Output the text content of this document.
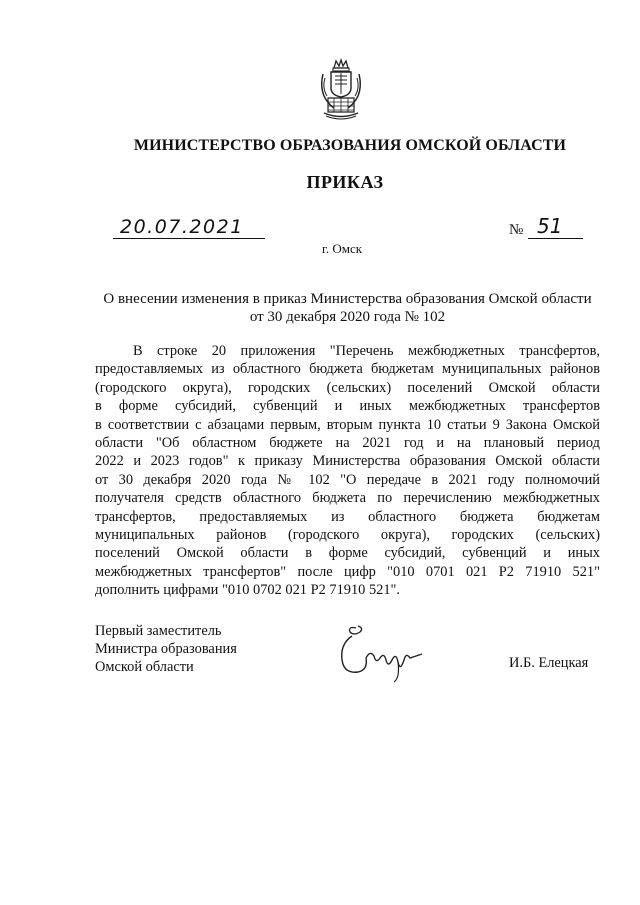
МИНИСТЕРСТВО ОБРАЗОВАНИЯ ОМСКОЙ ОБЛАСТИ
ПРИКАЗ
20.07.2021	№ 51
г. Омск
О внесении изменения в приказ Министерства образования Омской области
от 30 декабря 2020 года № 102
В строке 20 приложения "Перечень межбюджетных трансфертов,
предоставляемых из областного бюджета бюджетам муниципальных районов
(городского округа), городских (сельских) поселений Омской области
в форме субсидий, субвенций и иных межбюджетных трансфертов
в соответствии с абзацами первым, вторым пункта 10 статьи 9 Закона Омской
области "Об областном бюджете на 2021 год и на плановый период
2022 и 2023 годов" к приказу Министерства образования Омской области
от 30 декабря 2020 года № 102 "О передаче в 2021 году полномочий
получателя средств областного бюджета по перечислению межбюджетных
трансфертов, предоставляемых из областного бюджета бюджетам
муниципальных районов (городского округа), городских (сельских)
поселений Омской области в форме субсидий, субвенций и иных
межбюджетных трансфертов" после цифр "010 0701 021 Р2 71910 521"
дополнить цифрами "010 0702 021 Р2 71910 521".
Первый заместитель
Министра образования
Омской области	И.Б. Елецкая
